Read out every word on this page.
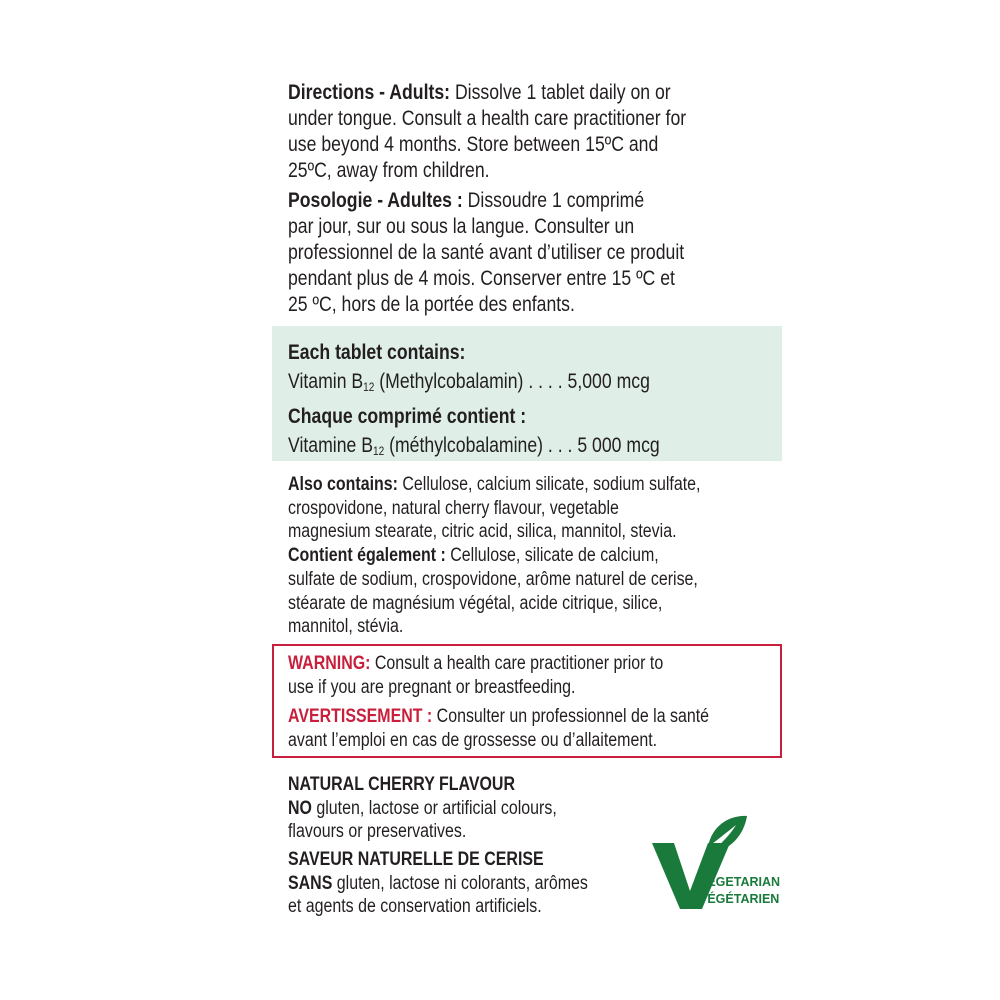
Directions - Adults: Dissolve 1 tablet daily on or
under tongue. Consult a health care practitioner for
use beyond 4 months. Store between 15ºC and
25ºC, away from children.
Posologie - Adultes : Dissoudre 1 comprimé
par jour, sur ou sous la langue. Consulter un
professionnel de la santé avant d’utiliser ce produit
pendant plus de 4 mois. Conserver entre 15 ºC et
25 ºC, hors de la portée des enfants.
Each tablet contains:
Vitamin $B_{12}$ (Methylcobalamin) . . . . 5,000 mcg
Chaque comprimé contient :
Vitamine $B_{12}$ (méthylcobalamine) . . . 5 000 mcg
Also contains: Cellulose, calcium silicate, sodium sulfate,
crospovidone, natural cherry flavour, vegetable
magnesium stearate, citric acid, silica, mannitol, stevia.
Contient également : Cellulose, silicate de calcium,
sulfate de sodium, crospovidone, arôme naturel de cerise,
stéarate de magnésium végétal, acide citrique, silice,
mannitol, stévia.
WARNING: Consult a health care practitioner prior to
use if you are pregnant or breastfeeding.
AVERTISSEMENT : Consulter un professionnel de la santé
avant l’emploi en cas de grossesse ou d’allaitement.
NATURAL CHERRY FLAVOUR
NO gluten, lactose or artificial colours,
flavours or preservatives.
SAVEUR NATURELLE DE CERISE
SANS gluten, lactose ni colorants, arômes
et agents de conservation artificiels.
VEGETARIAN
VÉGÉTARIEN
